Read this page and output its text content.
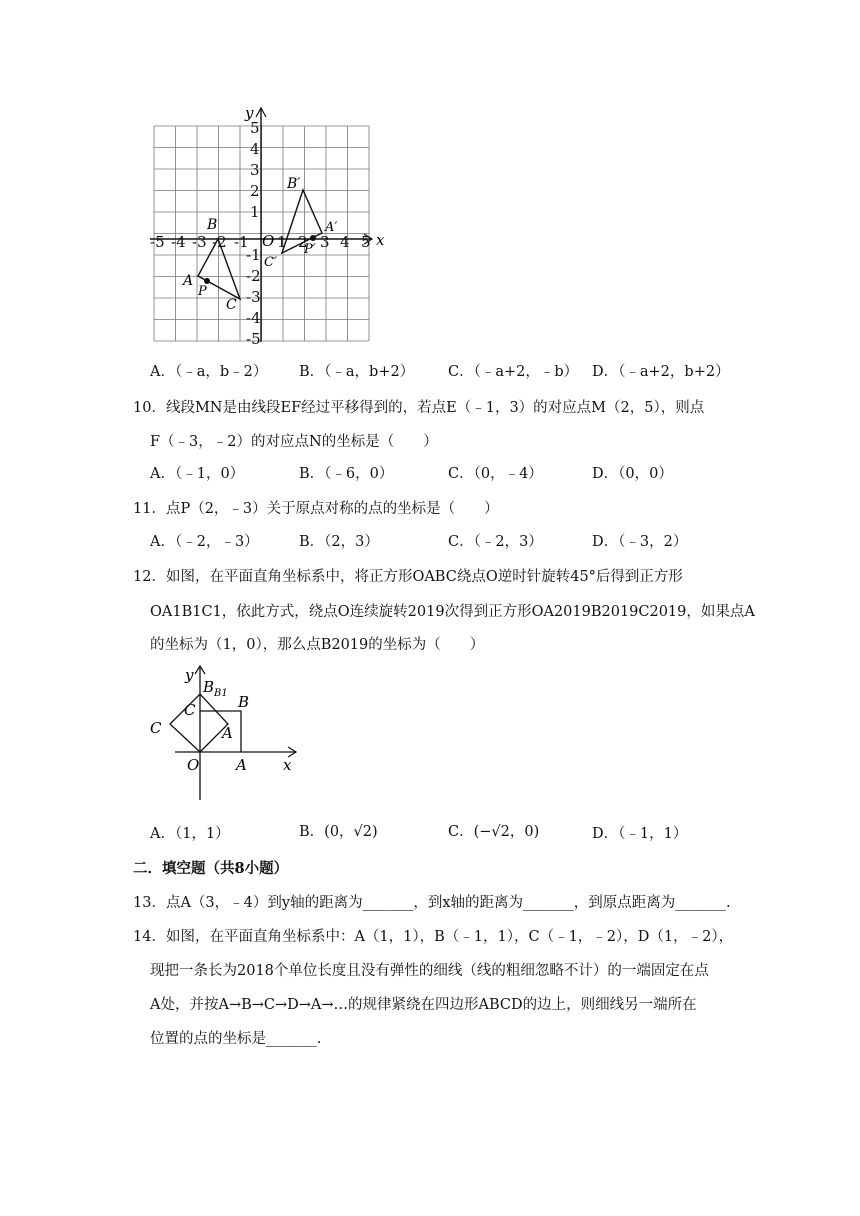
y
x
O
-5 -4 -3 -2 -1 1 2 3 4 5
5
4
3
2
1
-1
-2
-3
-4
-5
A
B
C
P
B′
A′
C′
P′
A．（﹣a，b﹣2） B．（﹣a，b+2） C．（﹣a+2，﹣b） D．（﹣a+2，b+2）
10．线段MN是由线段EF经过平移得到的，若点E（﹣1，3）的对应点M（2，5），则点
F（﹣3，﹣2）的对应点N的坐标是（　　）
A．（﹣1，0）	B．（﹣6，0）	C．（0，﹣4）	D．（0，0）
11．点P（2，﹣3）关于原点对称的点的坐标是（　　）
A．（﹣2，﹣3）	B．（2，3）	C．（﹣2，3）	D．（﹣3，2）
12．如图，在平面直角坐标系中，将正方形OABC绕点O逆时针旋转45°后得到正方形
OA1B1C1，依此方式，绕点O连续旋转2019次得到正方形OA2019B2019C2019，如果点A
的坐标为（1，0），那么点B2019的坐标为（　　）
y
x
O A
B
C
$B_{B1}$
C	A
A．（1，1）	B．(0，√2)	C．(−√2，0)	D．（﹣1，1）
二．填空题（共8小题）
13．点A（3，﹣4）到y轴的距离为_______，到x轴的距离为_______，到原点距离为_______.
14．如图，在平面直角坐标系中：A（1，1），B（﹣1，1），C（﹣1，﹣2），D（1，﹣2），
现把一条长为2018个单位长度且没有弹性的细线（线的粗细忽略不计）的一端固定在点
A处，并按A→B→C→D→A→…的规律紧绕在四边形ABCD的边上，则细线另一端所在
位置的点的坐标是_______.
